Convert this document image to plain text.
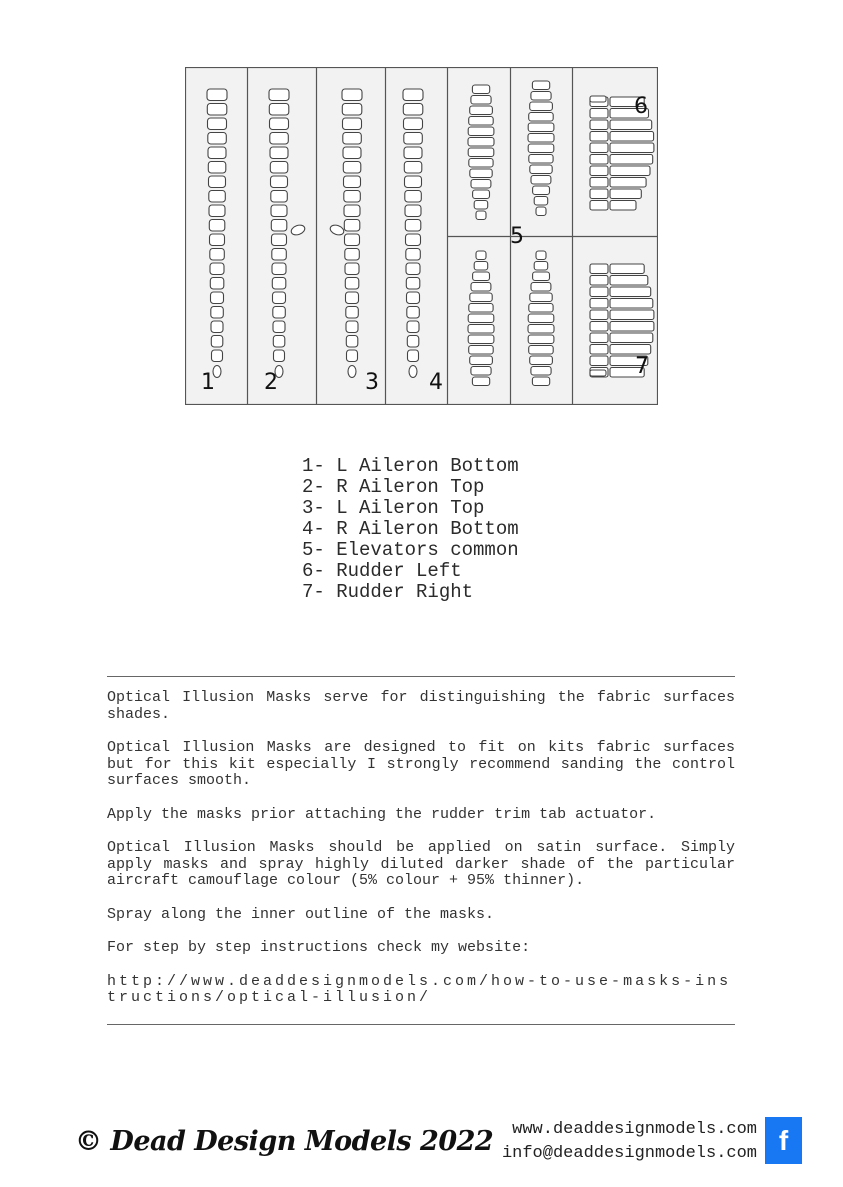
1 2	3 4
5
6
7
1- L Aileron Bottom
2- R Aileron Top
3- L Aileron Top
4- R Aileron Bottom
5- Elevators common
6- Rudder Left
7- Rudder Right

Optical Illusion Masks serve for distinguishing the fabric surfaces shades.

Optical Illusion Masks are designed to fit on kits fabric surfaces but for this kit especially I strongly recommend sanding the control surfaces smooth.

Apply the masks prior attaching the rudder trim tab actuator.

Optical Illusion Masks should be applied on satin surface. Simply apply masks and spray highly diluted darker shade of the particular aircraft camouflage colour (5% colour + 95% thinner).

Spray along the inner outline of the masks.

For step by step instructions check my website:

http://www.deaddesignmodels.com/how-to-use-masks-instructions/optical-illusion/

© Dead Design Models 2022	www.deaddesignmodels.com
info@deaddesignmodels.com f
